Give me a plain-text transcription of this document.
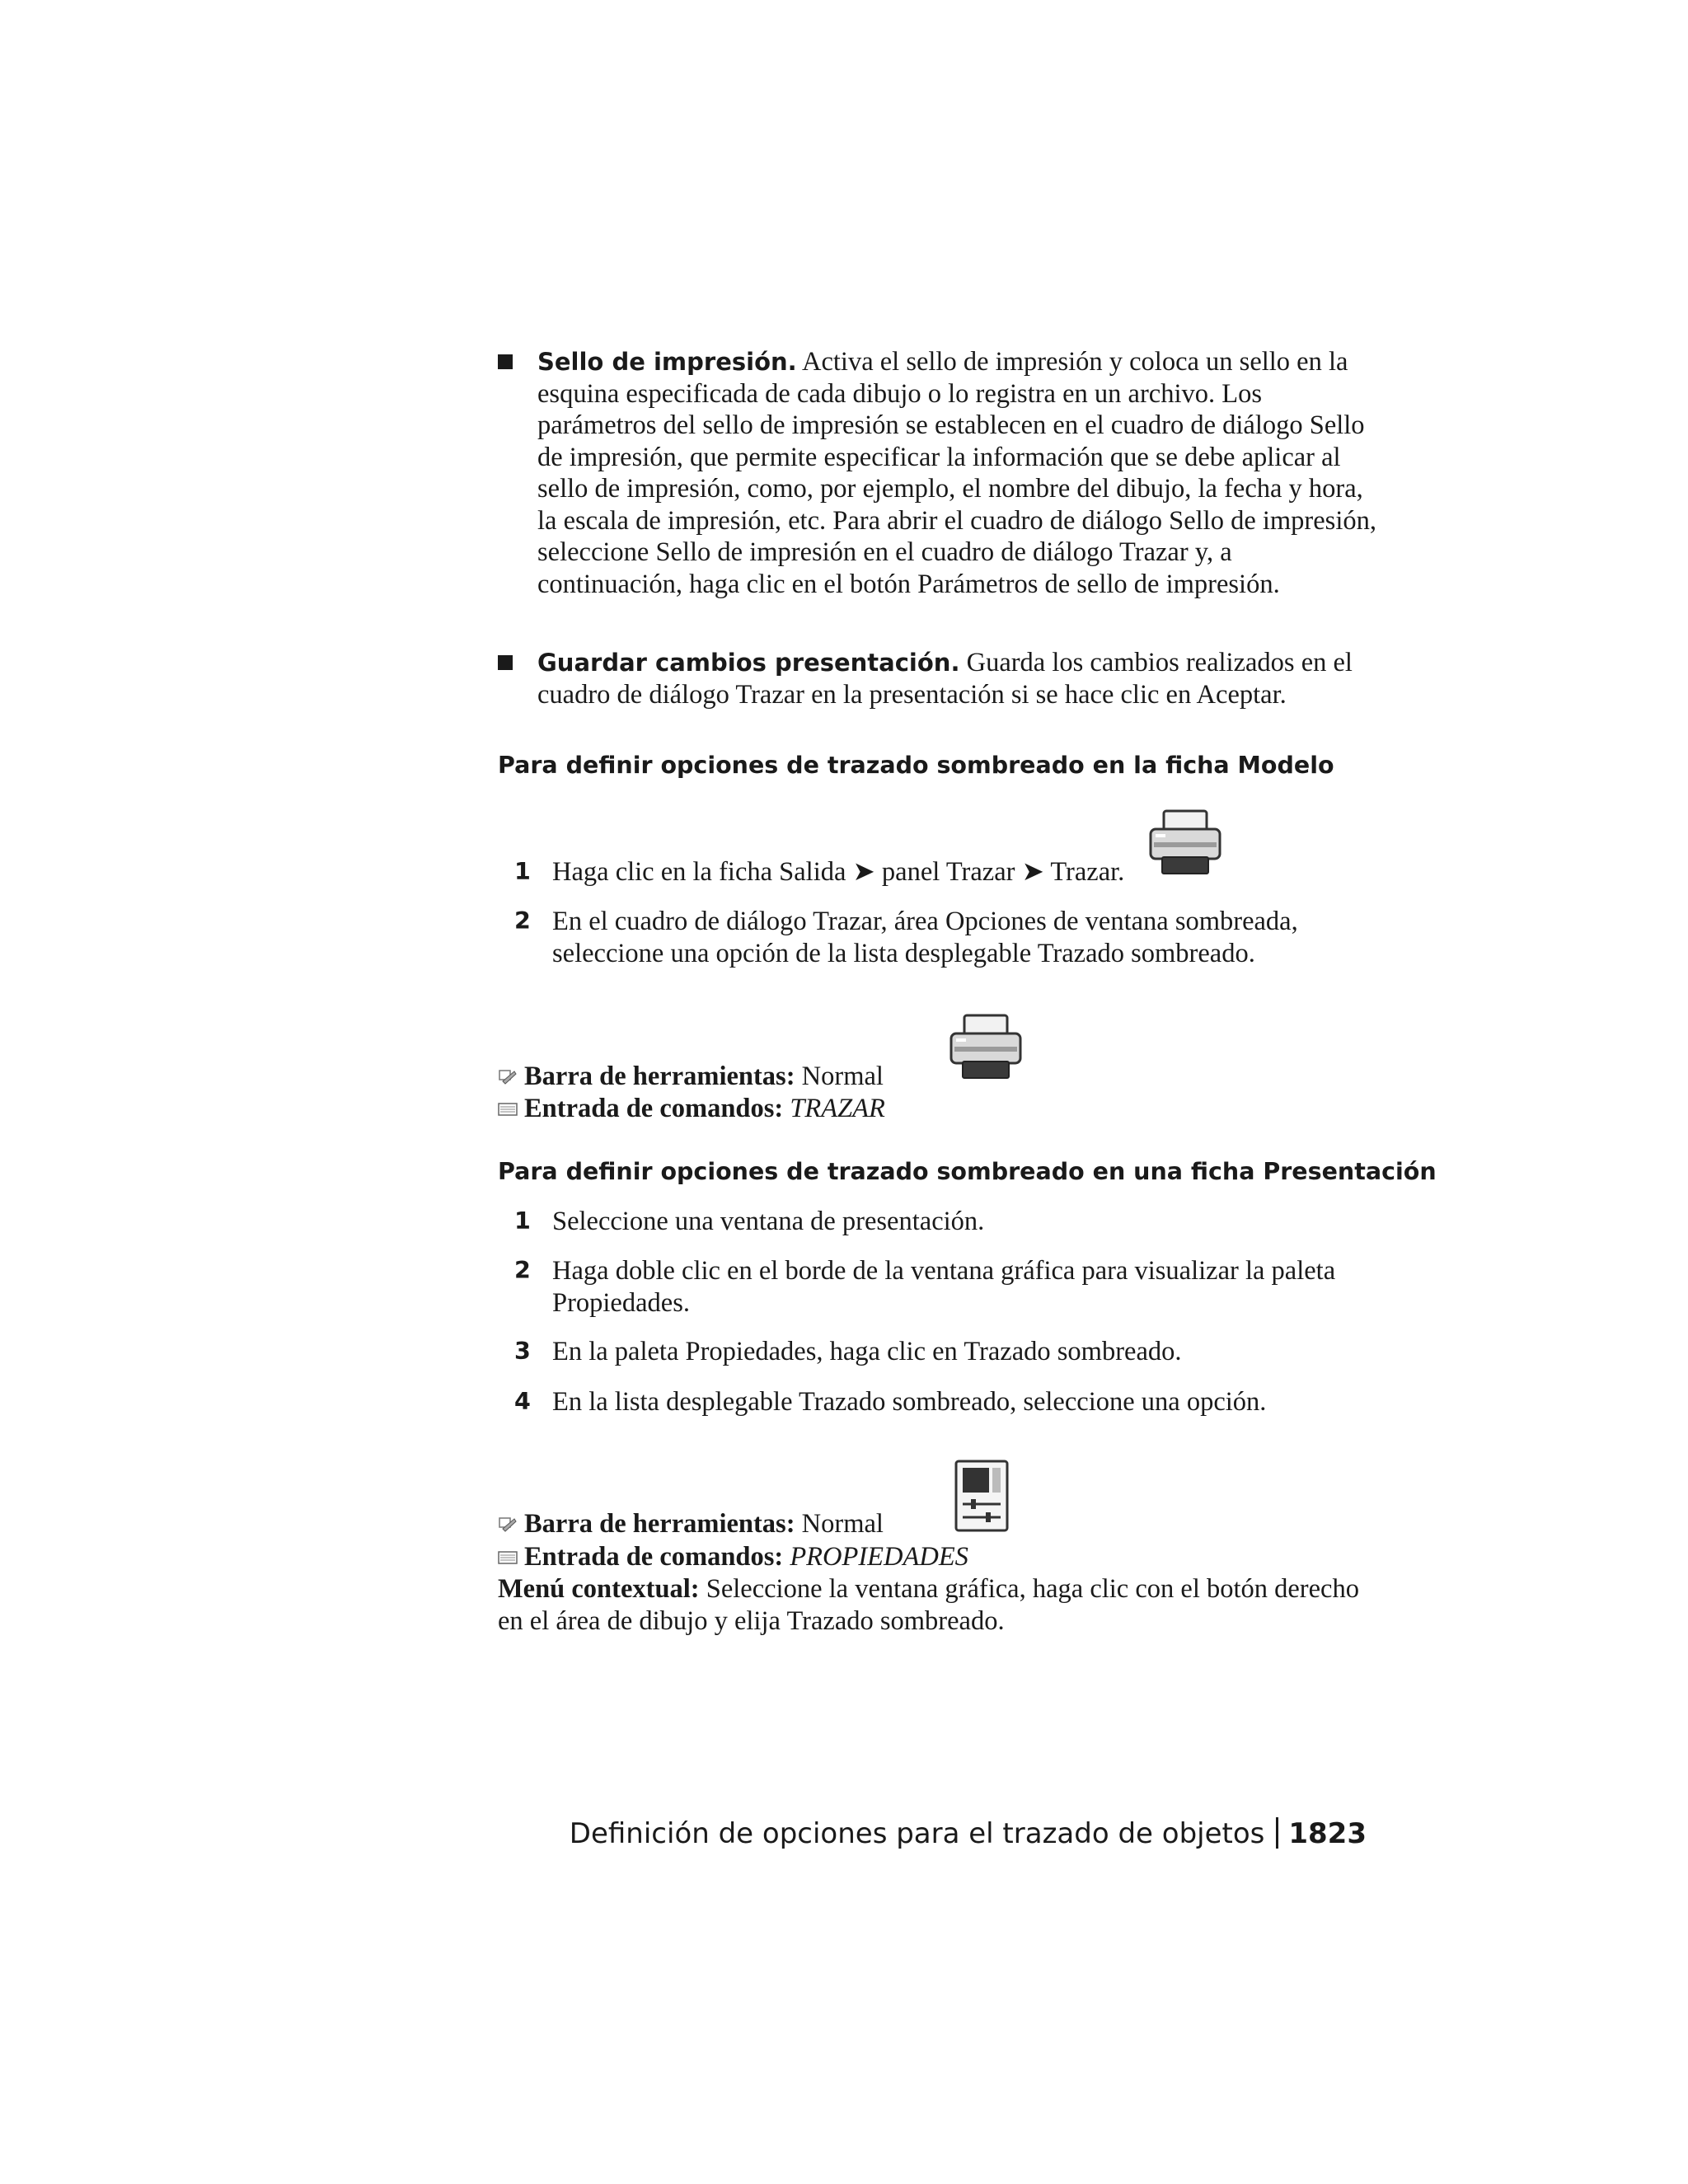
Sello de impresión. Activa el sello de impresión y coloca un sello en la esquina especificada de cada dibujo o lo registra en un archivo. Los parámetros del sello de impresión se establecen en el cuadro de diálogo Sello de impresión, que permite especificar la información que se debe aplicar al sello de impresión, como, por ejemplo, el nombre del dibujo, la fecha y hora, la escala de impresión, etc. Para abrir el cuadro de diálogo Sello de impresión, seleccione Sello de impresión en el cuadro de diálogo Trazar y, a continuación, haga clic en el botón Parámetros de sello de impresión.
Guardar cambios presentación. Guarda los cambios realizados en el cuadro de diálogo Trazar en la presentación si se hace clic en Aceptar.
Para definir opciones de trazado sombreado en la ficha Modelo
1 Haga clic en la ficha Salida ➤ panel Trazar ➤ Trazar.
2 En el cuadro de diálogo Trazar, área Opciones de ventana sombreada, seleccione una opción de la lista desplegable Trazado sombreado.
Barra de herramientas: Normal
Entrada de comandos: TRAZAR
Para definir opciones de trazado sombreado en una ficha Presentación
1 Seleccione una ventana de presentación.
2 Haga doble clic en el borde de la ventana gráfica para visualizar la paleta Propiedades.
3 En la paleta Propiedades, haga clic en Trazado sombreado.
4 En la lista desplegable Trazado sombreado, seleccione una opción.
Barra de herramientas: Normal
Entrada de comandos: PROPIEDADES
Menú contextual: Seleccione la ventana gráfica, haga clic con el botón derecho en el área de dibujo y elija Trazado sombreado.
Definición de opciones para el trazado de objetos 1823
